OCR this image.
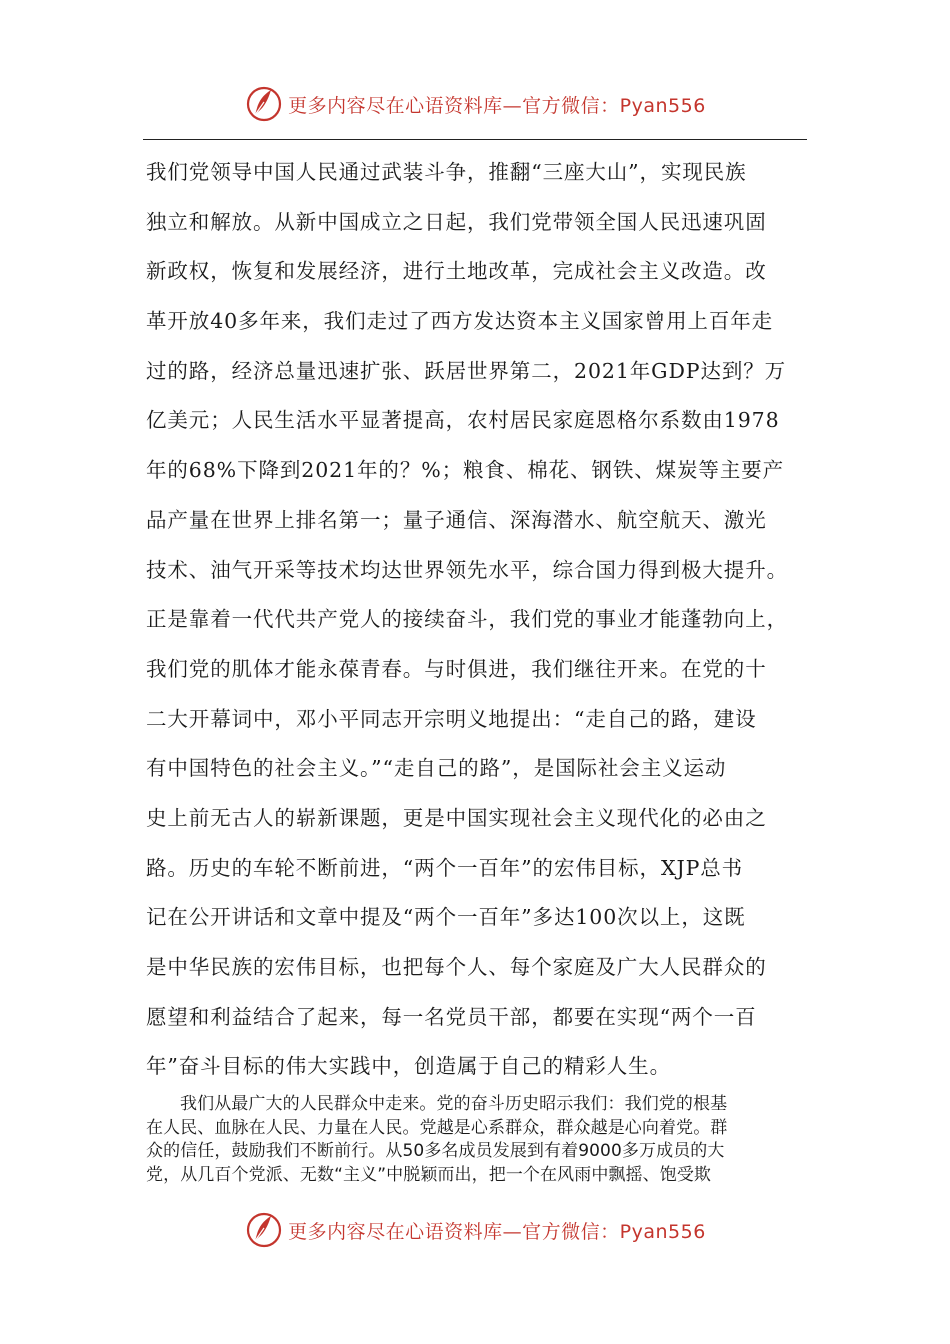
更多内容尽在心语资料库—官方微信：Pyan556
我们党领导中国人民通过武装斗争，推翻“三座大山”，实现民族
独立和解放。从新中国成立之日起，我们党带领全国人民迅速巩固
新政权，恢复和发展经济，进行土地改革，完成社会主义改造。改
革开放40多年来，我们走过了西方发达资本主义国家曾用上百年走
过的路，经济总量迅速扩张、跃居世界第二，2021年GDP达到？万
亿美元；人民生活水平显著提高，农村居民家庭恩格尔系数由1978
年的68%下降到2021年的？%；粮食、棉花、钢铁、煤炭等主要产
品产量在世界上排名第一；量子通信、深海潜水、航空航天、激光
技术、油气开采等技术均达世界领先水平，综合国力得到极大提升。
正是靠着一代代共产党人的接续奋斗，我们党的事业才能蓬勃向上，
我们党的肌体才能永葆青春。与时俱进，我们继往开来。在党的十
二大开幕词中，邓小平同志开宗明义地提出：“走自己的路，建设
有中国特色的社会主义。”“走自己的路”，是国际社会主义运动
史上前无古人的崭新课题，更是中国实现社会主义现代化的必由之
路。历史的车轮不断前进，“两个一百年”的宏伟目标，XJP总书
记在公开讲话和文章中提及“两个一百年”多达100次以上，这既
是中华民族的宏伟目标，也把每个人、每个家庭及广大人民群众的
愿望和利益结合了起来，每一名党员干部，都要在实现“两个一百
年”奋斗目标的伟大实践中，创造属于自己的精彩人生。
我们从最广大的人民群众中走来。党的奋斗历史昭示我们：我们党的根基
在人民、血脉在人民、力量在人民。党越是心系群众，群众越是心向着党。群
众的信任，鼓励我们不断前行。从50多名成员发展到有着9000多万成员的大
党，从几百个党派、无数“主义”中脱颖而出，把一个在风雨中飘摇、饱受欺
更多内容尽在心语资料库—官方微信：Pyan556
